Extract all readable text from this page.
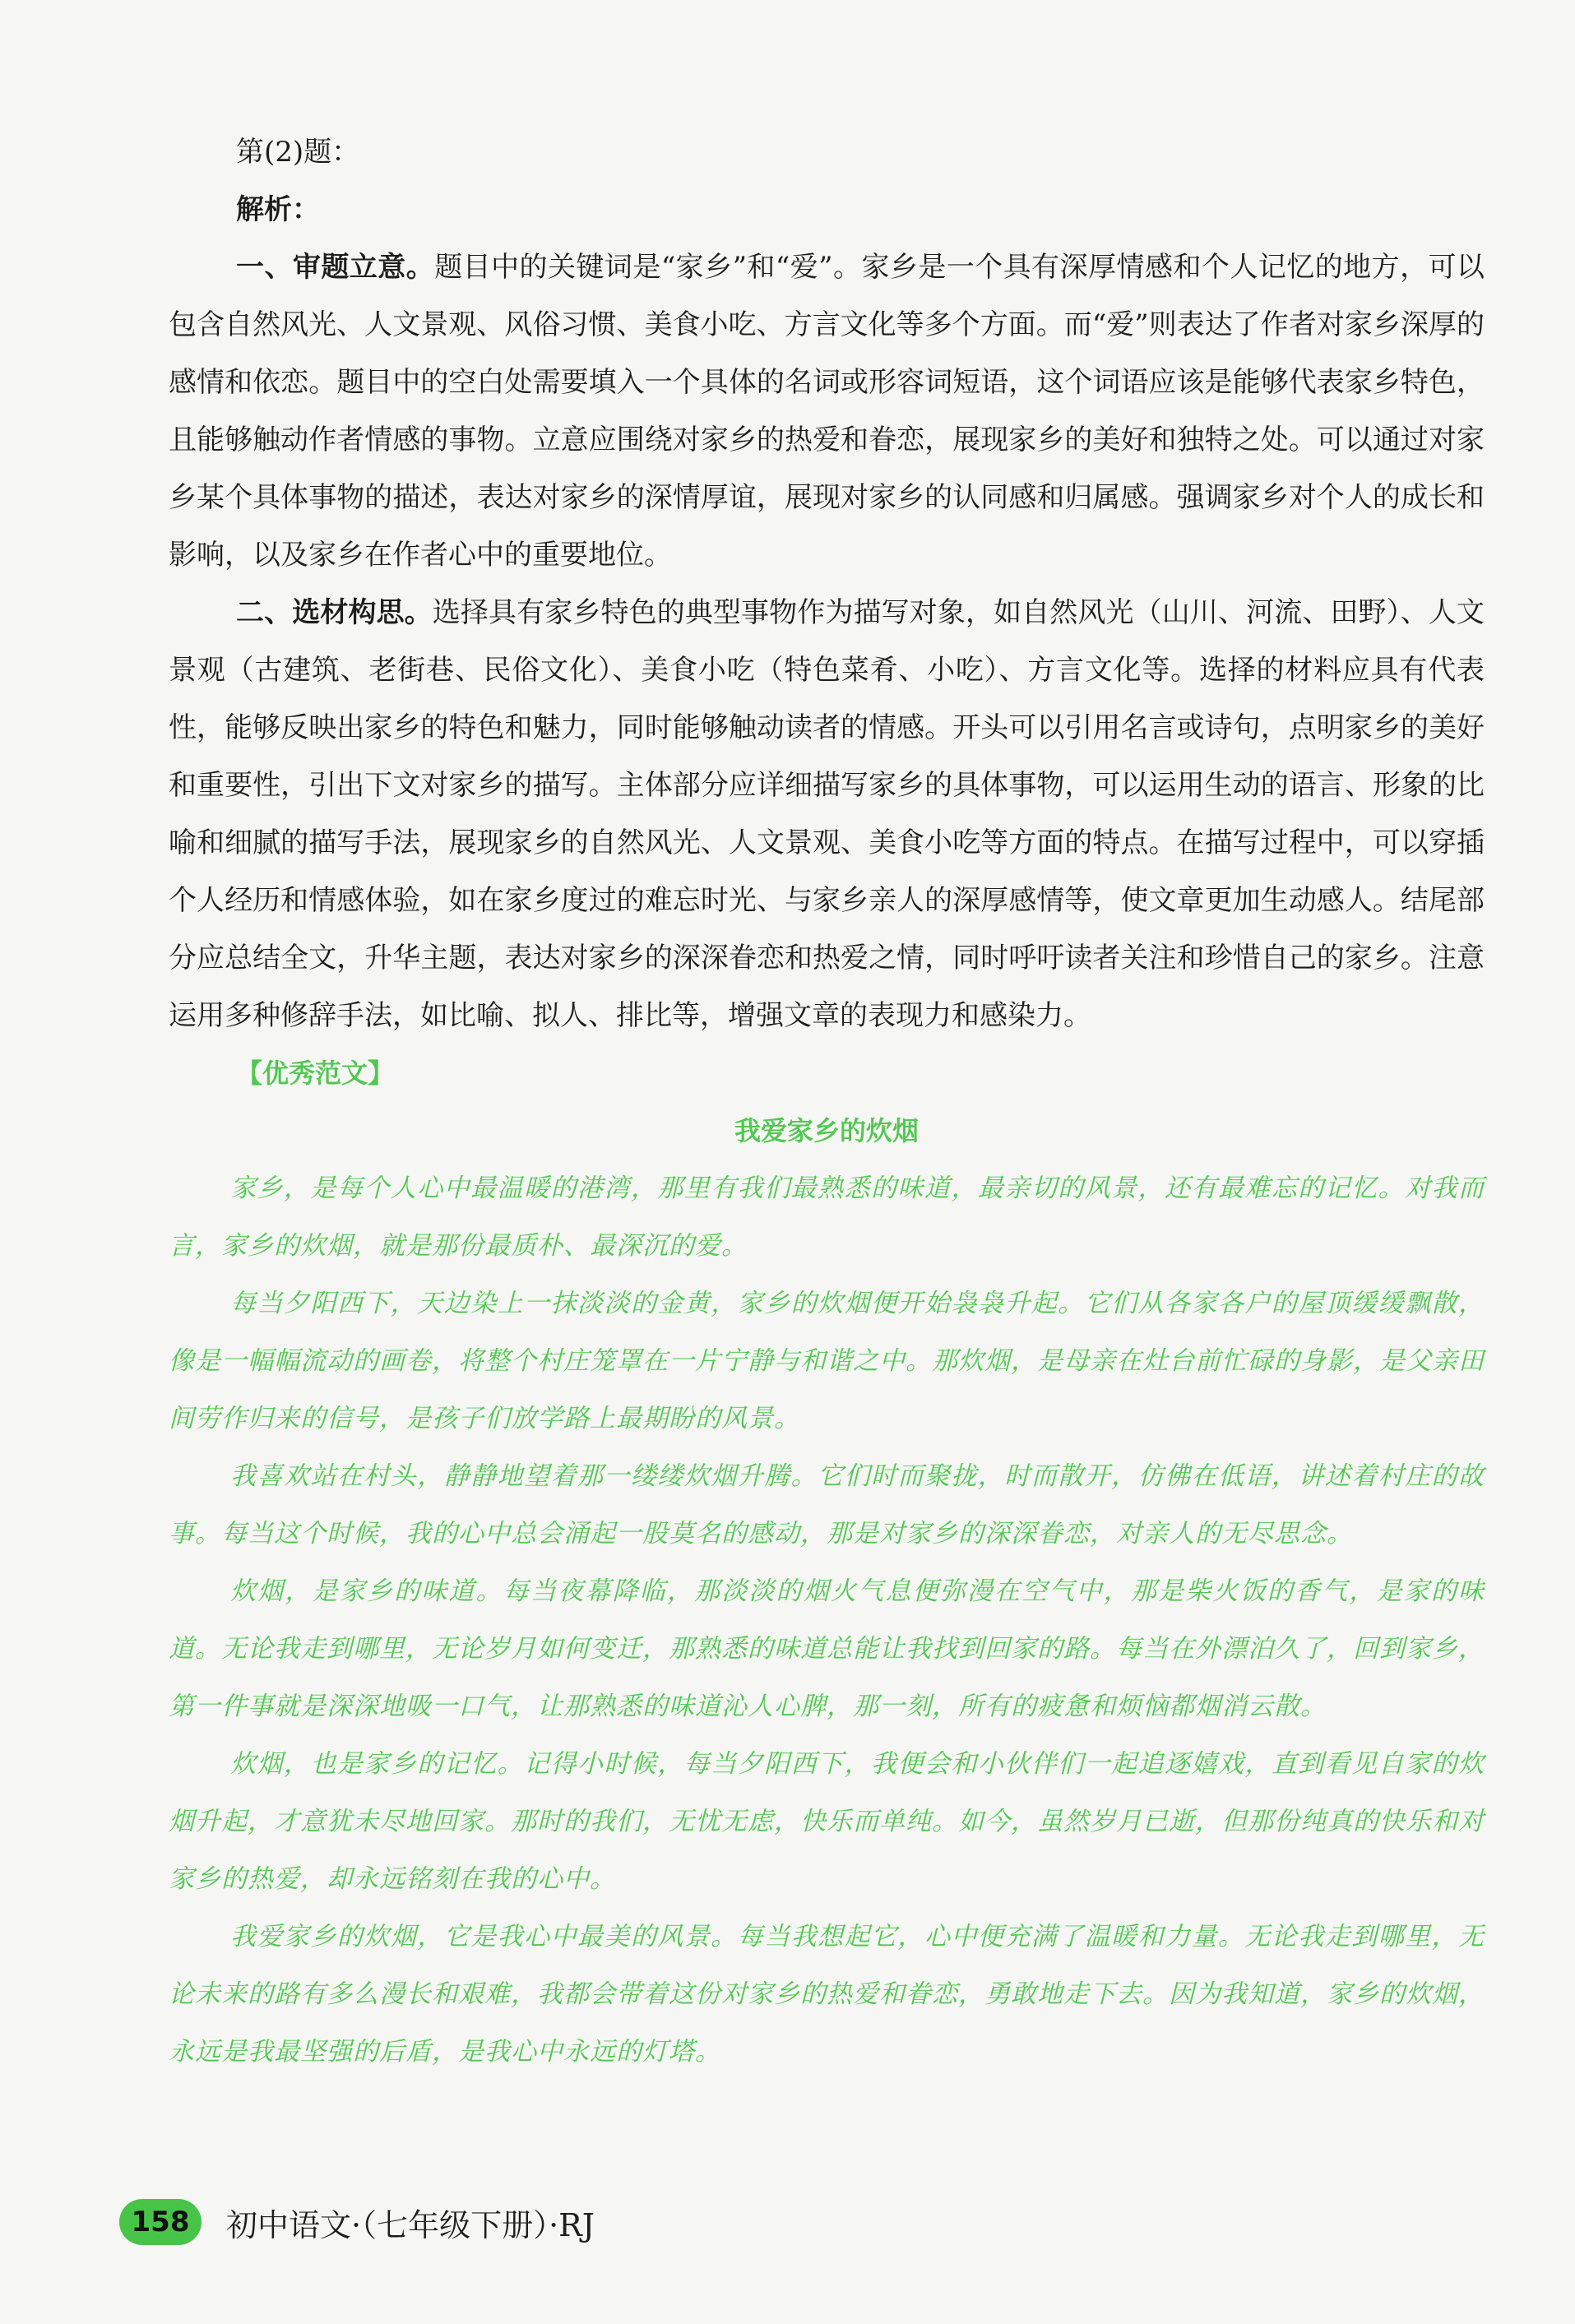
第(2)题：

解析：

一、审题立意。题目中的关键词是“家乡”和“爱”。家乡是一个具有深厚情感和个人记忆的地方，可以包含自然风光、人文景观、风俗习惯、美食小吃、方言文化等多个方面。而“爱”则表达了作者对家乡深厚的感情和依恋。题目中的空白处需要填入一个具体的名词或形容词短语，这个词语应该是能够代表家乡特色，且能够触动作者情感的事物。立意应围绕对家乡的热爱和眷恋，展现家乡的美好和独特之处。可以通过对家乡某个具体事物的描述，表达对家乡的深情厚谊，展现对家乡的认同感和归属感。强调家乡对个人的成长和影响，以及家乡在作者心中的重要地位。

二、选材构思。选择具有家乡特色的典型事物作为描写对象，如自然风光（山川、河流、田野）、人文景观（古建筑、老街巷、民俗文化）、美食小吃（特色菜肴、小吃）、方言文化等。选择的材料应具有代表性，能够反映出家乡的特色和魅力，同时能够触动读者的情感。开头可以引用名言或诗句，点明家乡的美好和重要性，引出下文对家乡的描写。主体部分应详细描写家乡的具体事物，可以运用生动的语言、形象的比喻和细腻的描写手法，展现家乡的自然风光、人文景观、美食小吃等方面的特点。在描写过程中，可以穿插个人经历和情感体验，如在家乡度过的难忘时光、与家乡亲人的深厚感情等，使文章更加生动感人。结尾部分应总结全文，升华主题，表达对家乡的深深眷恋和热爱之情，同时呼吁读者关注和珍惜自己的家乡。注意运用多种修辞手法，如比喻、拟人、排比等，增强文章的表现力和感染力。

【优秀范文】

我爱家乡的炊烟

家乡，是每个人心中最温暖的港湾，那里有我们最熟悉的味道，最亲切的风景，还有最难忘的记忆。对我而言，家乡的炊烟，就是那份最质朴、最深沉的爱。

每当夕阳西下，天边染上一抹淡淡的金黄，家乡的炊烟便开始袅袅升起。它们从各家各户的屋顶缓缓飘散，像是一幅幅流动的画卷，将整个村庄笼罩在一片宁静与和谐之中。那炊烟，是母亲在灶台前忙碌的身影，是父亲田间劳作归来的信号，是孩子们放学路上最期盼的风景。

我喜欢站在村头，静静地望着那一缕缕炊烟升腾。它们时而聚拢，时而散开，仿佛在低语，讲述着村庄的故事。每当这个时候，我的心中总会涌起一股莫名的感动，那是对家乡的深深眷恋，对亲人的无尽思念。

炊烟，是家乡的味道。每当夜幕降临，那淡淡的烟火气息便弥漫在空气中，那是柴火饭的香气，是家的味道。无论我走到哪里，无论岁月如何变迁，那熟悉的味道总能让我找到回家的路。每当在外漂泊久了，回到家乡，第一件事就是深深地吸一口气，让那熟悉的味道沁人心脾，那一刻，所有的疲惫和烦恼都烟消云散。

炊烟，也是家乡的记忆。记得小时候，每当夕阳西下，我便会和小伙伴们一起追逐嬉戏，直到看见自家的炊烟升起，才意犹未尽地回家。那时的我们，无忧无虑，快乐而单纯。如今，虽然岁月已逝，但那份纯真的快乐和对家乡的热爱，却永远铭刻在我的心中。

我爱家乡的炊烟，它是我心中最美的风景。每当我想起它，心中便充满了温暖和力量。无论我走到哪里，无论未来的路有多么漫长和艰难，我都会带着这份对家乡的热爱和眷恋，勇敢地走下去。因为我知道，家乡的炊烟，永远是我最坚强的后盾，是我心中永远的灯塔。

158	初中语文·（七年级下册）·RJ
